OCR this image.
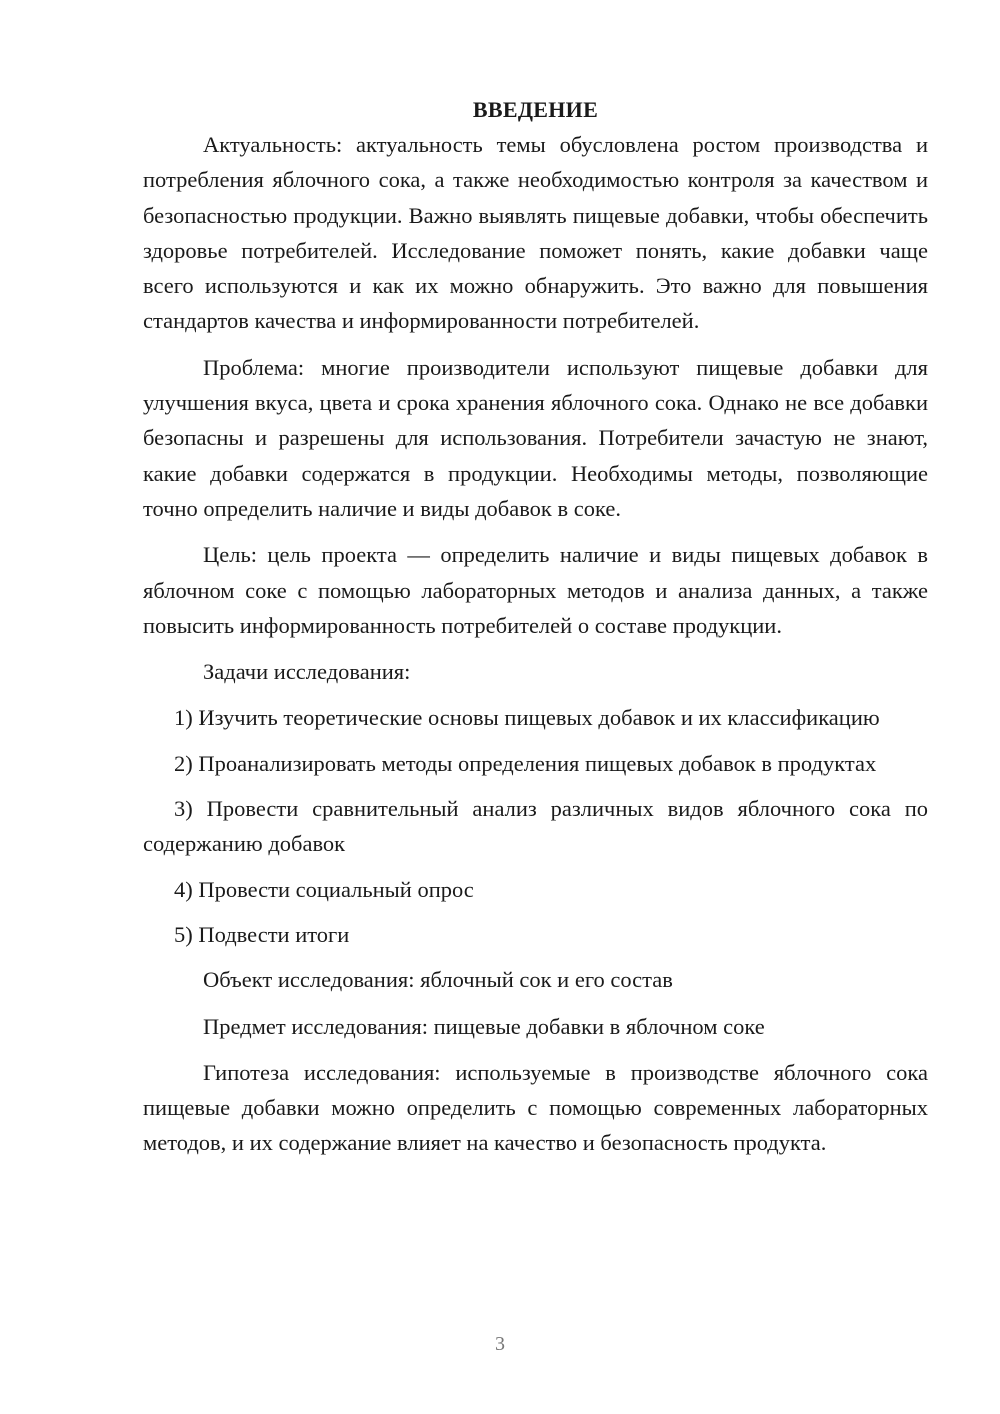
ВВЕДЕНИЕ

Актуальность: актуальность темы обусловлена ростом производства и потребления яблочного сока, а также необходимостью контроля за качеством и безопасностью продукции. Важно выявлять пищевые добавки, чтобы обеспечить здоровье потребителей. Исследование поможет понять, какие добавки чаще всего используются и как их можно обнаружить. Это важно для повышения стандартов качества и информированности потребителей.

Проблема: многие производители используют пищевые добавки для улучшения вкуса, цвета и срока хранения яблочного сока. Однако не все добавки безопасны и разрешены для использования. Потребители зачастую не знают, какие добавки содержатся в продукции. Необходимы методы, позволяющие точно определить наличие и виды добавок в соке.

Цель: цель проекта — определить наличие и виды пищевых добавок в яблочном соке с помощью лабораторных методов и анализа данных, а также повысить информированность потребителей о составе продукции.

Задачи исследования:

1) Изучить теоретические основы пищевых добавок и их классификацию

2) Проанализировать методы определения пищевых добавок в продуктах

3) Провести сравнительный анализ различных видов яблочного сока по содержанию добавок

4) Провести социальный опрос

5) Подвести итоги

Объект исследования: яблочный сок и его состав

Предмет исследования: пищевые добавки в яблочном соке

Гипотеза исследования: используемые в производстве яблочного сока пищевые добавки можно определить с помощью современных лабораторных методов, и их содержание влияет на качество и безопасность продукта.

3
